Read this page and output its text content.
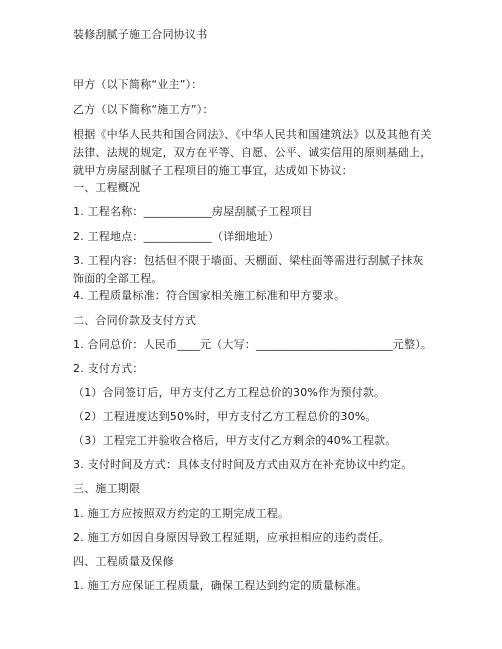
装修刮腻子施工合同协议书
甲方（以下简称“业主”）：
乙方（以下简称“施工方”）：
根据《中华人民共和国合同法》、《中华人民共和国建筑法》以及其他有关法律、法规的规定，双方在平等、自愿、公平、诚实信用的原则基础上，就甲方房屋刮腻子工程项目的施工事宜，达成如下协议：
一、工程概况
1. 工程名称：____________房屋刮腻子工程项目
2. 工程地点：____________（详细地址）
3. 工程内容：包括但不限于墙面、天棚面、梁柱面等需进行刮腻子抹灰饰面的全部工程。
4. 工程质量标准：符合国家相关施工标准和甲方要求。
二、合同价款及支付方式
1. 合同总价：人民币____元（大写：________________________元整）。
2. 支付方式：
（1）合同签订后，甲方支付乙方工程总价的30%作为预付款。
（2）工程进度达到50%时，甲方支付乙方工程总价的30%。
（3）工程完工并验收合格后，甲方支付乙方剩余的40%工程款。
3. 支付时间及方式：具体支付时间及方式由双方在补充协议中约定。
三、施工期限
1. 施工方应按照双方约定的工期完成工程。
2. 施工方如因自身原因导致工程延期，应承担相应的违约责任。
四、工程质量及保修
1. 施工方应保证工程质量，确保工程达到约定的质量标准。
